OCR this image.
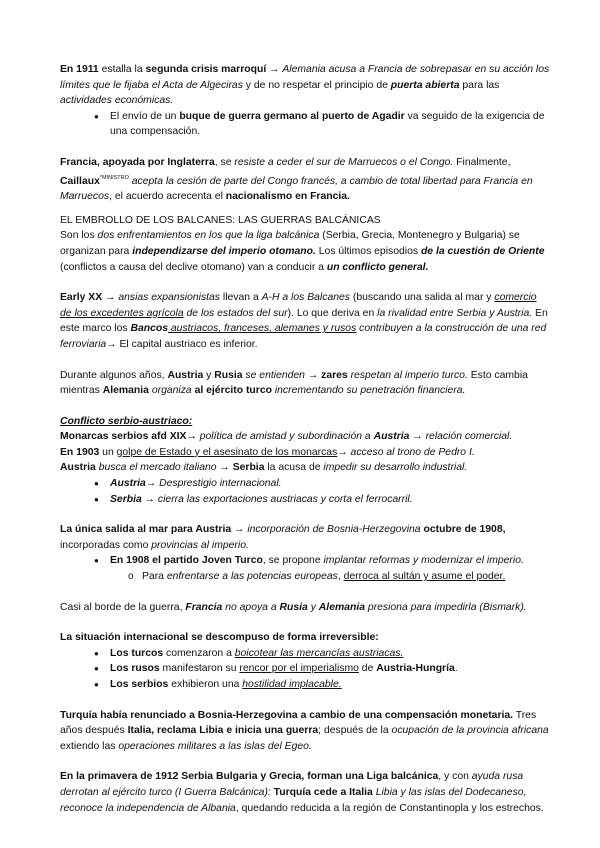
En 1911 estalla la segunda crisis marroquí → Alemania acusa a Francia de sobrepasar en su acción los límites que le fijaba el Acta de Algeciras y de no respetar el principio de puerta abierta para las actividades económicas.

● El envío de un buque de guerra germano al puerto de Agadir va seguido de la exigencia de una compensación.

Francia, apoyada por Inglaterra, se resiste a ceder el sur de Marruecos o el Congo. Finalmente, Caillaux$^{*MINISTRO}$ acepta la cesión de parte del Congo francés, a cambio de total libertad para Francia en Marruecos, el acuerdo acrecenta el nacionalismo en Francia.

EL EMBROLLO DE LOS BALCANES: LAS GUERRAS BALCÁNICAS

Son los dos enfrentamientos en los que la liga balcánica (Serbia, Grecia, Montenegro y Bulgaria) se organizan para independizarse del imperio otomano. Los últimos episodios de la cuestión de Oriente (conflictos a causa del declive otomano) van a conducir a un conflicto general.

Early XX → ansias expansionistas llevan a A-H a los Balcanes (buscando una salida al mar y comercio de los excedentes agrícola de los estados del sur). Lo que deriva en la rivalidad entre Serbia y Austria. En este marco los Bancos austriacos, franceses, alemanes y rusos contribuyen a la construcción de una red ferroviaria→ El capital austriaco es inferior.

Durante algunos años, Austria y Rusia se entienden → zares respetan al imperio turco. Esto cambia mientras Alemania organiza al ejército turco incrementando su penetración financiera.

Conflicto serbio-austriaco:

Monarcas serbios afd XIX→ política de amistad y subordinación a Austria → relación comercial.

En 1903 un golpe de Estado y el asesinato de los monarcas→ acceso al trono de Pedro I.

Austria busca el mercado italiano → Serbia la acusa de impedir su desarrollo industrial.

● Austria→ Desprestigio internacional.
● Serbia → cierra las exportaciones austriacas y corta el ferrocarril.

La única salida al mar para Austria → incorporación de Bosnia-Herzegovina octubre de 1908, incorporadas como provincias al imperio.

● En 1908 el partido Joven Turco, se propone implantar reformas y modernizar el imperio.
o Para enfrentarse a las potencias europeas, derroca al sultán y asume el poder.

Casi al borde de la guerra, Francia no apoya a Rusia y Alemania presiona para impedirla (Bismark).

La situación internacional se descompuso de forma irreversible:

● Los turcos comenzaron a boicotear las mercancías austriacas.
● Los rusos manifestaron su rencor por el imperialismo de Austria-Hungría.
● Los serbios exhibieron una hostilidad implacable.

Turquía había renunciado a Bosnia-Herzegovina a cambio de una compensación monetaria. Tres años después Italia, reclama Libia e inicia una guerra; después de la ocupación de la provincia africana extiendo las operaciones militares a las islas del Egeo.

En la primavera de 1912 Serbia Bulgaria y Grecia, forman una Liga balcánica, y con ayuda rusa derrotan al ejército turco (I Guerra Balcánica): Turquía cede a Italia Libia y las islas del Dodecaneso, reconoce la independencia de Albania, quedando reducida a la región de Constantinopla y los estrechos.
